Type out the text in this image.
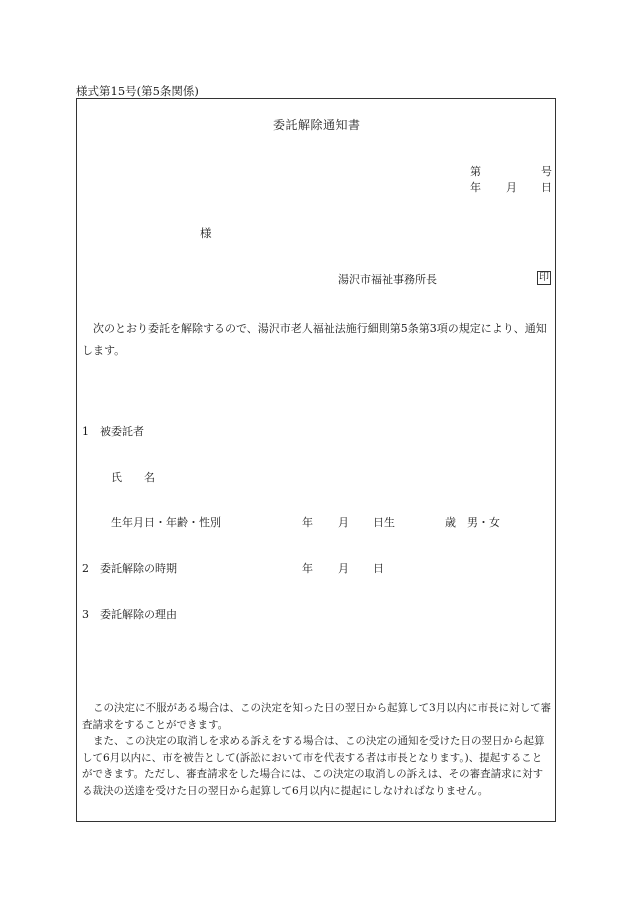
様式第15号(第5条関係)
委託解除通知書
第	号
年 月 日
様
湯沢市福祉事務所長	印
次のとおり委託を解除するので、湯沢市老人福祉法施行細則第5条第3項の規定により、通知します。
1　被委託者
氏　　名
生年月日・年齢・性別	年 月 日生	歳 男・女
2　委託解除の時期	年 月 日
3　委託解除の理由

この決定に不服がある場合は、この決定を知った日の翌日から起算して3月以内に市長に対して審査請求をすることができます。

また、この決定の取消しを求める訴えをする場合は、この決定の通知を受けた日の翌日から起算して6月以内に、市を被告として(訴訟において市を代表する者は市長となります。)、提起することができます。ただし、審査請求をした場合には、この決定の取消しの訴えは、その審査請求に対する裁決の送達を受けた日の翌日から起算して6月以内に提起にしなければなりません。
